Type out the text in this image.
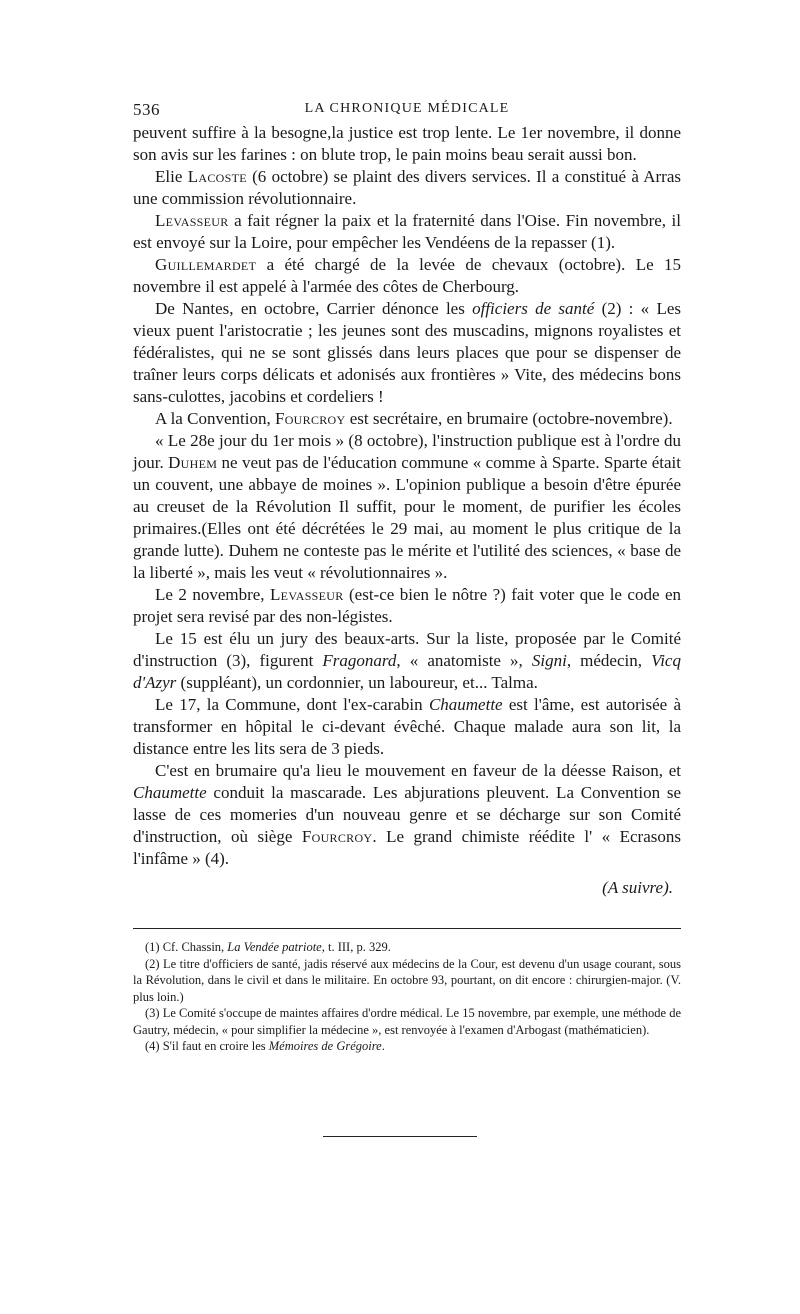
536	LA CHRONIQUE MÉDICALE

peuvent suffire à la besogne,la justice est trop lente. Le 1er novembre, il donne son avis sur les farines : on blute trop, le pain moins beau serait aussi bon.

Elie Lacoste (6 octobre) se plaint des divers services. Il a constitué à Arras une commission révolutionnaire.

Levasseur a fait régner la paix et la fraternité dans l'Oise. Fin novembre, il est envoyé sur la Loire, pour empêcher les Vendéens de la repasser (1).

Guillemardet a été chargé de la levée de chevaux (octobre). Le 15 novembre il est appelé à l'armée des côtes de Cherbourg.

De Nantes, en octobre, Carrier dénonce les officiers de santé (2) : « Les vieux puent l'aristocratie ; les jeunes sont des muscadins, mignons royalistes et fédéralistes, qui ne se sont glissés dans leurs places que pour se dispenser de traîner leurs corps délicats et adonisés aux frontières » Vite, des médecins bons sans-culottes, jacobins et cordeliers !

A la Convention, Fourcroy est secrétaire, en brumaire (octobre-novembre).

« Le 28e jour du 1er mois » (8 octobre), l'instruction publique est à l'ordre du jour. Duhem ne veut pas de l'éducation commune « comme à Sparte. Sparte était un couvent, une abbaye de moines ». L'opinion publique a besoin d'être épurée au creuset de la Révolution Il suffit, pour le moment, de purifier les écoles primaires.(Elles ont été décrétées le 29 mai, au moment le plus critique de la grande lutte). Duhem ne conteste pas le mérite et l'utilité des sciences, « base de la liberté », mais les veut « révolutionnaires ».

Le 2 novembre, Levasseur (est-ce bien le nôtre ?) fait voter que le code en projet sera revisé par des non-légistes.

Le 15 est élu un jury des beaux-arts. Sur la liste, proposée par le Comité d'instruction (3), figurent Fragonard, « anatomiste », Signi, médecin, Vicq d'Azyr (suppléant), un cordonnier, un laboureur, et... Talma.

Le 17, la Commune, dont l'ex-carabin Chaumette est l'âme, est autorisée à transformer en hôpital le ci-devant évêché. Chaque malade aura son lit, la distance entre les lits sera de 3 pieds.

C'est en brumaire qu'a lieu le mouvement en faveur de la déesse Raison, et Chaumette conduit la mascarade. Les abjurations pleuvent. La Convention se lasse de ces momeries d'un nouveau genre et se décharge sur son Comité d'instruction, où siège Fourcroy. Le grand chimiste réédite l' « Ecrasons l'infâme » (4).

(A suivre).

(1) Cf. Chassin, La Vendée patriote, t. III, p. 329.

(2) Le titre d'officiers de santé, jadis réservé aux médecins de la Cour, est devenu d'un usage courant, sous la Révolution, dans le civil et dans le militaire. En octobre 93, pourtant, on dit encore : chirurgien-major. (V. plus loin.)

(3) Le Comité s'occupe de maintes affaires d'ordre médical. Le 15 novembre, par exemple, une méthode de Gautry, médecin, « pour simplifier la médecine », est renvoyée à l'examen d'Arbogast (mathématicien).

(4) S'il faut en croire les Mémoires de Grégoire.
